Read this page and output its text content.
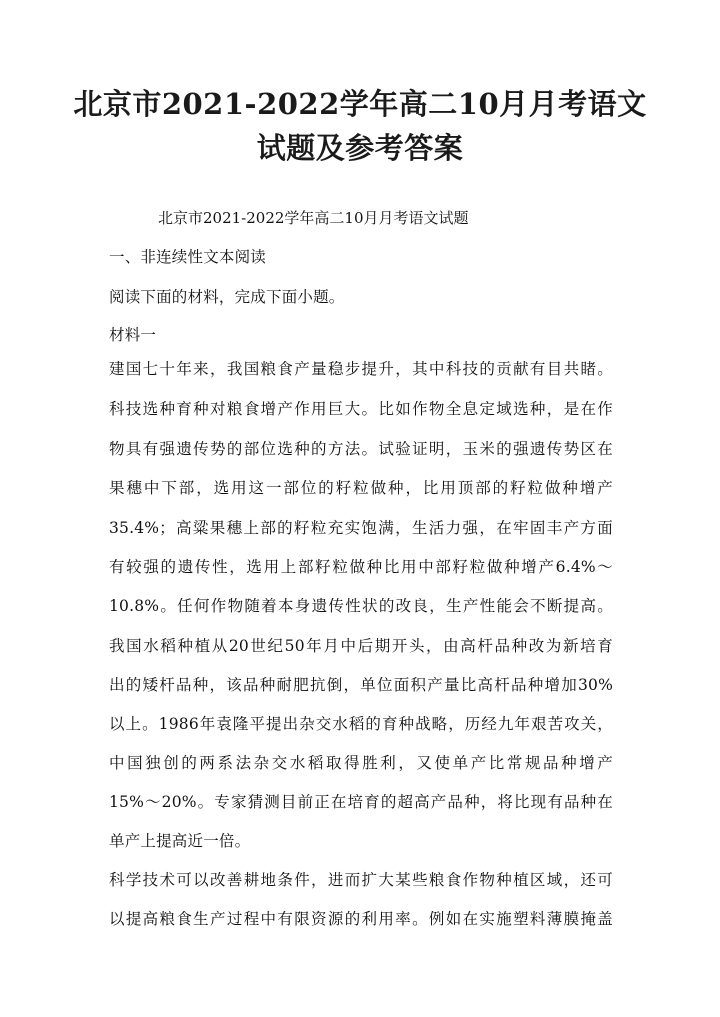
北京市2021-2022学年高二10月月考语文
试题及参考答案
北京市2021-2022学年高二10月月考语文试题
一、非连续性文本阅读
阅读下面的材料，完成下面小题。
材料一
建国七十年来，我国粮食产量稳步提升，其中科技的贡献有目共睹。
科技选种育种对粮食增产作用巨大。比如作物全息定域选种，是在作
物具有强遗传势的部位选种的方法。试验证明，玉米的强遗传势区在
果穗中下部，选用这一部位的籽粒做种，比用顶部的籽粒做种增产
35.4%；高粱果穗上部的籽粒充实饱满，生活力强，在牢固丰产方面
有较强的遗传性，选用上部籽粒做种比用中部籽粒做种增产6.4%～
10.8%。任何作物随着本身遗传性状的改良，生产性能会不断提高。
我国水稻种植从20世纪50年月中后期开头，由高杆品种改为新培育
出的矮杆品种，该品种耐肥抗倒，单位面积产量比高杆品种增加30%
以上。1986年袁隆平提出杂交水稻的育种战略，历经九年艰苦攻关，
中国独创的两系法杂交水稻取得胜利，又使单产比常规品种增产
15%～20%。专家猜测目前正在培育的超高产品种，将比现有品种在
单产上提高近一倍。
科学技术可以改善耕地条件，进而扩大某些粮食作物种植区域，还可
以提高粮食生产过程中有限资源的利用率。例如在实施塑料薄膜掩盖
